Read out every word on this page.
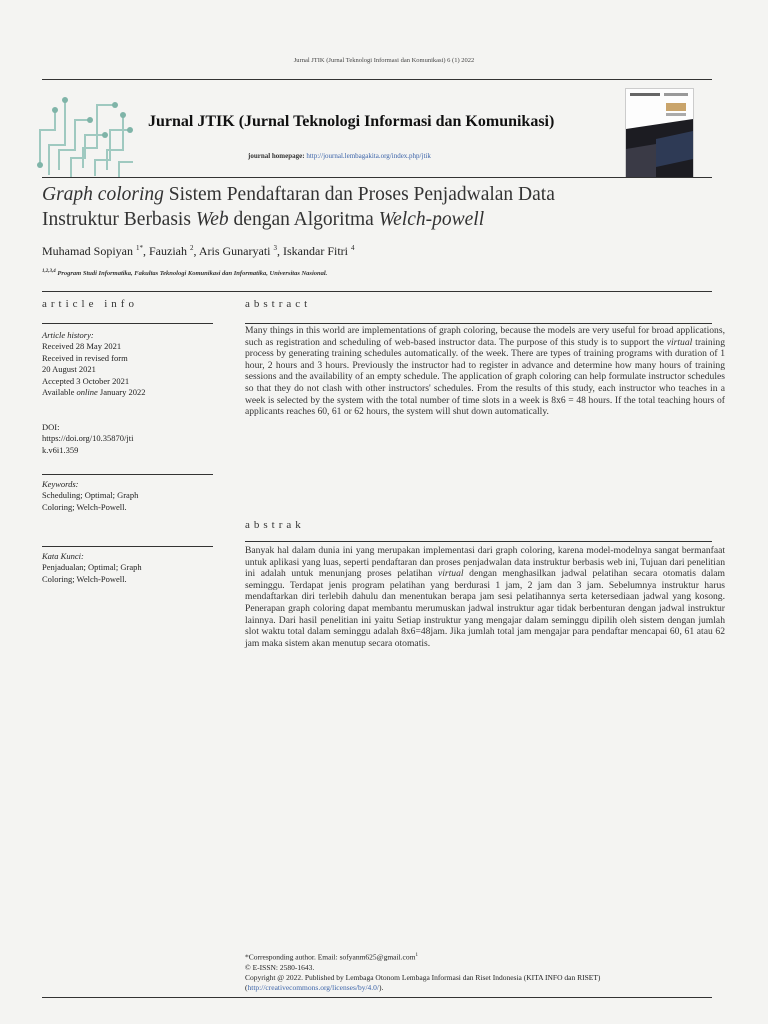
Jurnal JTIK (Jurnal Teknologi Informasi dan Komunikasi) 6 (1) 2022
Jurnal JTIK (Jurnal Teknologi Informasi dan Komunikasi)
journal homepage: http://journal.lembagakita.org/index.php/jtik
Graph coloring Sistem Pendaftaran dan Proses Penjadwalan Data
Instruktur Berbasis Web dengan Algoritma Welch-powell
Muhamad Sopiyan $^{1*}$, Fauziah $^2$, Aris Gunaryati $^3$, Iskandar Fitri $^4$
$^{1,2,3,4}$ Program Studi Informatika, Fakultas Teknologi Komunikasi dan Informatika, Universitas Nasional.
article info	abstract
Article history:
Received 28 May 2021
Received in revised form
20 August 2021
Accepted 3 October 2021
Available online January 2022
DOI:
https://doi.org/10.35870/jti
k.v6i1.359
Keywords:
Scheduling; Optimal; Graph
Coloring; Welch-Powell.
Kata Kunci:
Penjadualan; Optimal; Graph
Coloring; Welch-Powell.
Many things in this world are implementations of graph coloring, because the models are very useful for broad applications, such as registration and scheduling of web-based instructor data. The purpose of this study is to support the virtual training process by generating training schedules automatically. of the week. There are types of training programs with duration of 1 hour, 2 hours and 3 hours. Previously the instructor had to register in advance and determine how many hours of training sessions and the availability of an empty schedule. The application of graph coloring can help formulate instructor schedules so that they do not clash with other instructors' schedules. From the results of this study, each instructor who teaches in a week is selected by the system with the total number of time slots in a week is 8x6 = 48 hours. If the total teaching hours of applicants reaches 60, 61 or 62 hours, the system will shut down automatically.
abstrak
Banyak hal dalam dunia ini yang merupakan implementasi dari graph coloring, karena model-modelnya sangat bermanfaat untuk aplikasi yang luas, seperti pendaftaran dan proses penjadwalan data instruktur berbasis web ini, Tujuan dari penelitian ini adalah untuk menunjang proses pelatihan virtual dengan menghasilkan jadwal pelatihan secara otomatis dalam seminggu. Terdapat jenis program pelatihan yang berdurasi 1 jam, 2 jam dan 3 jam. Sebelumnya instruktur harus mendaftarkan diri terlebih dahulu dan menentukan berapa jam sesi pelatihannya serta ketersediaan jadwal yang kosong. Penerapan graph coloring dapat membantu merumuskan jadwal instruktur agar tidak berbenturan dengan jadwal instruktur lainnya. Dari hasil penelitian ini yaitu Setiap instruktur yang mengajar dalam seminggu dipilih oleh sistem dengan jumlah slot waktu total dalam seminggu adalah 8x6=48jam. Jika jumlah total jam mengajar para pendaftar mencapai 60, 61 atau 62 jam maka sistem akan menutup secara otomatis.
*Corresponding author. Email: sofyanm625@gmail.com$^1$
© E-ISSN: 2580-1643.
Copyright @ 2022. Published by Lembaga Otonom Lembaga Informasi dan Riset Indonesia (KITA INFO dan RISET)
(http://creativecommons.org/licenses/by/4.0/).
